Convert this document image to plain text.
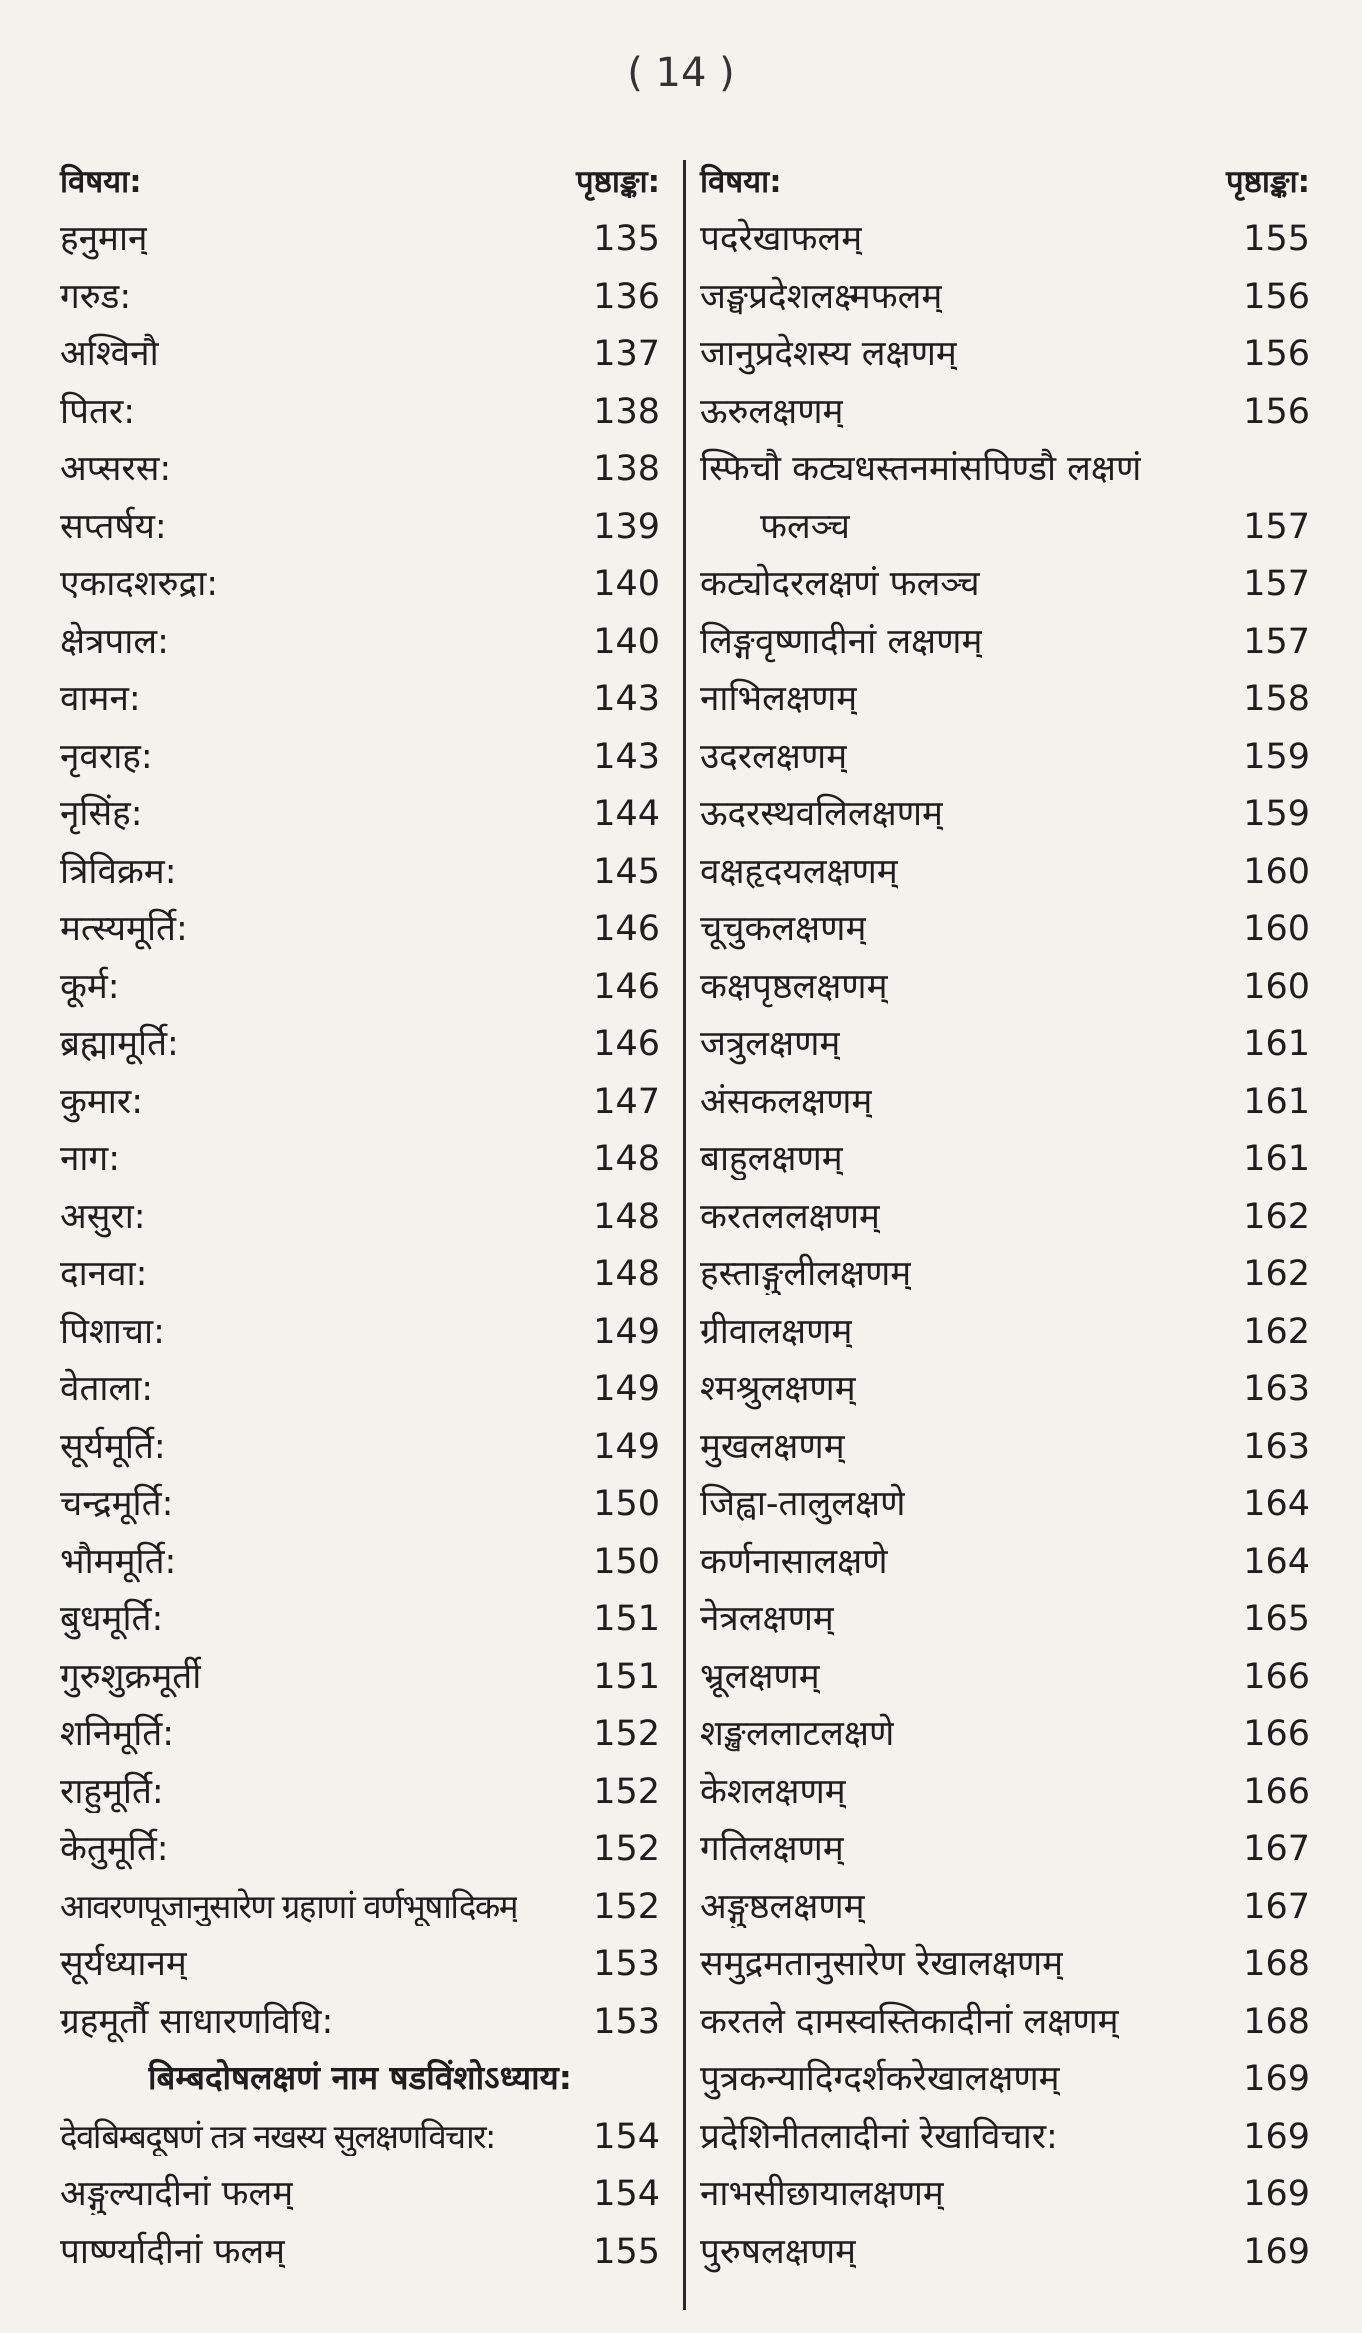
( 14 )
विषया:	पृष्ठाङ्का:
हनुमान्	135
गरुड:	136
अश्विनौ	137
पितर:	138
अप्सरस:	138
सप्तर्षय:	139
एकादशरुद्रा:	140
क्षेत्रपाल:	140
वामन:	143
नृवराह:	143
नृसिंह:	144
त्रिविक्रम:	145
मत्स्यमूर्ति:	146
कूर्म:	146
ब्रह्मामूर्ति:	146
कुमार:	147
नाग:	148
असुरा:	148
दानवा:	148
पिशाचा:	149
वेताला:	149
सूर्यमूर्ति:	149
चन्द्रमूर्ति:	150
भौममूर्ति:	150
बुधमूर्ति:	151
गुरुशुक्रमूर्ती	151
शनिमूर्ति:	152
राहुमूर्ति:	152
केतुमूर्ति:	152
आवरणपूजानुसारेण ग्रहाणां वर्णभूषादिकम् 152
सूर्यध्यानम्	153
ग्रहमूर्तौ साधारणविधि:	153
बिम्बदोषलक्षणं नाम षडविंशोऽध्याय:
देवबिम्बदूषणं तत्र नखस्य सुलक्षणविचार:	154
अङ्गुल्यादीनां फलम्	154
पार्ष्ण्यादीनां फलम्	155
विषया:	पृष्ठाङ्का:
पदरेखाफलम्	155
जङ्घप्रदेशलक्ष्मफलम्	156
जानुप्रदेशस्य लक्षणम्	156
ऊरुलक्षणम्	156
स्फिचौ कट्यधस्तनमांसपिण्डौ लक्षणं
फलञ्च	157
कट्योदरलक्षणं फलञ्च	157
लिङ्गवृष्णादीनां लक्षणम्	157
नाभिलक्षणम्	158
उदरलक्षणम्	159
ऊदरस्थवलिलक्षणम्	159
वक्षहृदयलक्षणम्	160
चूचुकलक्षणम्	160
कक्षपृष्ठलक्षणम्	160
जत्रुलक्षणम्	161
अंसकलक्षणम्	161
बाहुलक्षणम्	161
करतललक्षणम्	162
हस्ताङ्गुलीलक्षणम्	162
ग्रीवालक्षणम्	162
श्मश्रुलक्षणम्	163
मुखलक्षणम्	163
जिह्वा-तालुलक्षणे	164
कर्णनासालक्षणे	164
नेत्रलक्षणम्	165
भ्रूलक्षणम्	166
शङ्खललाटलक्षणे	166
केशलक्षणम्	166
गतिलक्षणम्	167
अङ्गुष्ठलक्षणम्	167
समुद्रमतानुसारेण रेखालक्षणम्	168
करतले दामस्वस्तिकादीनां लक्षणम्	168
पुत्रकन्यादिग्दर्शकरेखालक्षणम्	169
प्रदेशिनीतलादीनां रेखाविचार:	169
नाभसीछायालक्षणम्	169
पुरुषलक्षणम्	169
